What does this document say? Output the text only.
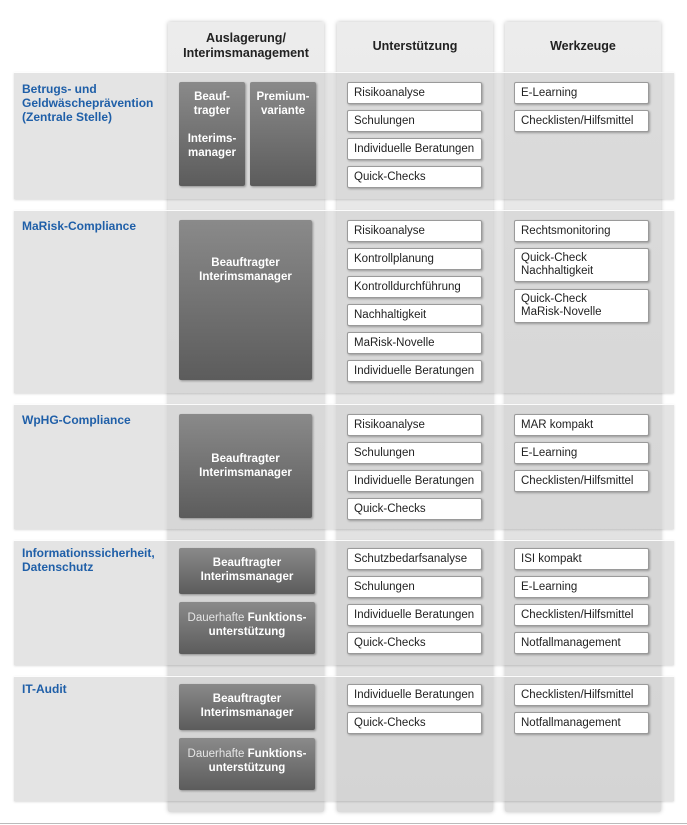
Auslagerung/
Interimsmanagement
Unterstützung	Werkzeuge
Betrugs- und Geldwäscheprävention (Zentrale Stelle)
MaRisk-Compliance
WpHG-Compliance
Informationssicherheit, Datenschutz
IT-Audit
Beauf-
tragter

Interims-
manager
Premium-
variante
Risikoanalyse
Schulungen
Individuelle Beratungen
Quick-Checks
E-Learning
Checklisten/Hilfsmittel
Beauftragter
Interimsmanager
Risikoanalyse
Kontrollplanung
Kontrolldurchführung
Nachhaltigkeit
MaRisk-Novelle
Individuelle Beratungen
Rechtsmonitoring
Quick-Check
Nachhaltigkeit
Quick-Check
MaRisk-Novelle
Beauftragter
Interimsmanager
Risikoanalyse
Schulungen
Individuelle Beratungen
Quick-Checks
MAR kompakt
E-Learning
Checklisten/Hilfsmittel
Beauftragter
Interimsmanager
Dauerhafte Funktions-
unterstützung
Schutzbedarfsanalyse
Schulungen
Individuelle Beratungen
Quick-Checks
ISI kompakt
E-Learning
Checklisten/Hilfsmittel
Notfallmanagement
Beauftragter
Interimsmanager
Dauerhafte Funktions-
unterstützung
Individuelle Beratungen
Quick-Checks
Checklisten/Hilfsmittel
Notfallmanagement
